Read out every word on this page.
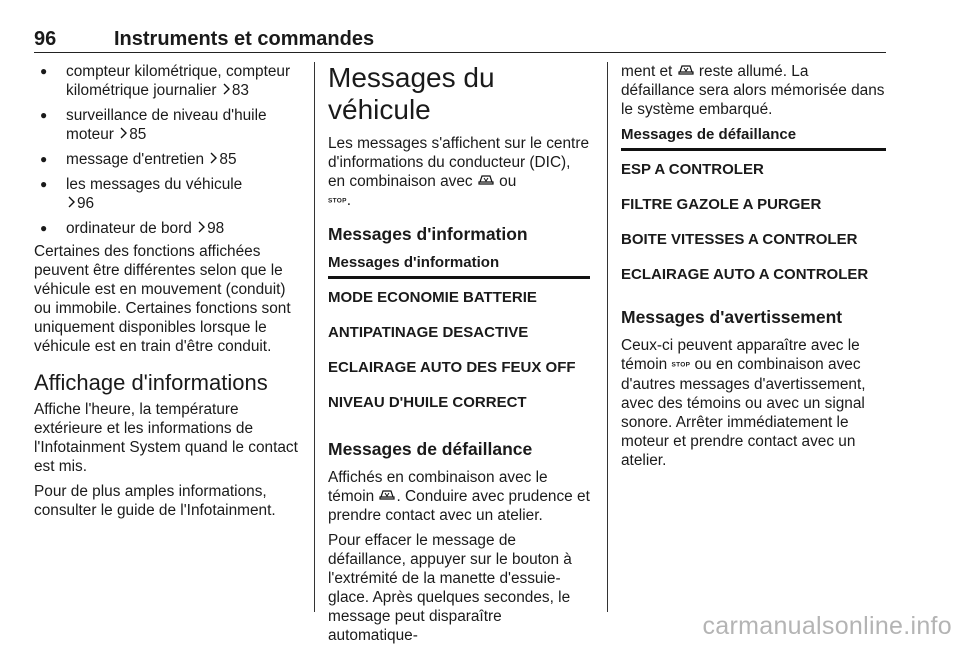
96	Instruments et commandes
● compteur kilométrique, compteur kilométrique journalier 83
● surveillance de niveau d'huile moteur 85
● message d'entretien 85
● les messages du véhicule
96
● ordinateur de bord 98

Certaines des fonctions affichées peuvent être différentes selon que le véhicule est en mouvement (conduit) ou immobile. Certaines fonctions sont uniquement disponibles lorsque le véhicule est en train d'être conduit.

Affichage d'informations

Affiche l'heure, la température extérieure et les informations de l'Infotainment System quand le contact est mis.

Pour de plus amples informations, consulter le guide de l'Infotainment.

Messages du véhicule

Les messages s'affichent sur le centre d'informations du conducteur (DIC), en combinaison avec ou
STOP.

Messages d'information
Messages d'information
MODE ECONOMIE BATTERIE
ANTIPATINAGE DESACTIVE
ECLAIRAGE AUTO DES FEUX OFF
NIVEAU D'HUILE CORRECT
Messages de défaillance

Affichés en combinaison avec le témoin . Conduire avec prudence et prendre contact avec un atelier.

Pour effacer le message de défaillance, appuyer sur le bouton à l'extrémité de la manette d'essuie-glace. Après quelques secondes, le message peut disparaître automatique-

ment et reste allumé. La défaillance sera alors mémorisée dans le système embarqué.

Messages de défaillance
ESP A CONTROLER
FILTRE GAZOLE A PURGER
BOITE VITESSES A CONTROLER
ECLAIRAGE AUTO A CONTROLER
Messages d'avertissement

Ceux-ci peuvent apparaître avec le témoin STOP ou en combinaison avec d'autres messages d'avertissement, avec des témoins ou avec un signal sonore. Arrêter immédiatement le moteur et prendre contact avec un atelier.

carmanualsonline.info
